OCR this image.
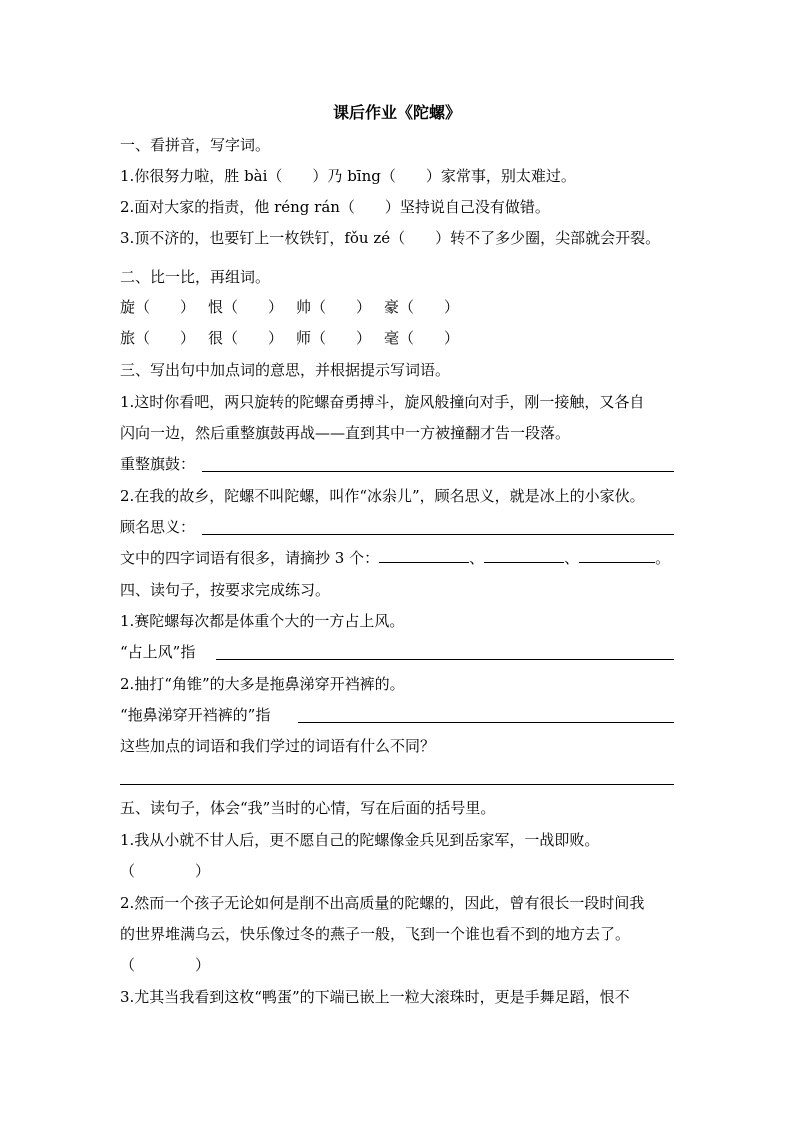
课后作业《陀螺》
一、看拼音，写字词。
1.你很努力啦，胜 bài（　　）乃 bīng（　　）家常事，别太难过。
2.面对大家的指责，他 réng rán（　　）坚持说自己没有做错。
3.顶不济的，也要钉上一枚铁钉，fǒu zé（　　）转不了多少圈，尖部就会开裂。
二、比一比，再组词。
旋（　　） 恨（　　） 帅（　　） 豪（　　）
旅（　　） 很（　　） 师（　　） 毫（　　）
三、写出句中加点词的意思，并根据提示写词语。
1.这时你看吧，两只旋转的陀螺奋勇搏斗，旋风般撞向对手，刚一接触，又各自
闪向一边，然后重整旗鼓再战——直到其中一方被撞翻才告一段落。
重整旗鼓：
2.在我的故乡，陀螺不叫陀螺，叫作“冰尜儿”，顾名思义，就是冰上的小家伙。
顾名思义：
文中的四字词语有很多，请摘抄 3 个：	、	、	。
四、读句子，按要求完成练习。
1.赛陀螺每次都是体重个大的一方占上风。
“占上风”指
2.抽打“角锥”的大多是拖鼻涕穿开裆裤的。
“拖鼻涕穿开裆裤的”指
这些加点的词语和我们学过的词语有什么不同？
五、读句子，体会“我”当时的心情，写在后面的括号里。
1.我从小就不甘人后，更不愿自己的陀螺像金兵见到岳家军，一战即败。
（　　　　）
2.然而一个孩子无论如何是削不出高质量的陀螺的，因此，曾有很长一段时间我
的世界堆满乌云，快乐像过冬的燕子一般，飞到一个谁也看不到的地方去了。
（　　　　）
3.尤其当我看到这枚“鸭蛋”的下端已嵌上一粒大滚珠时，更是手舞足蹈，恨不
